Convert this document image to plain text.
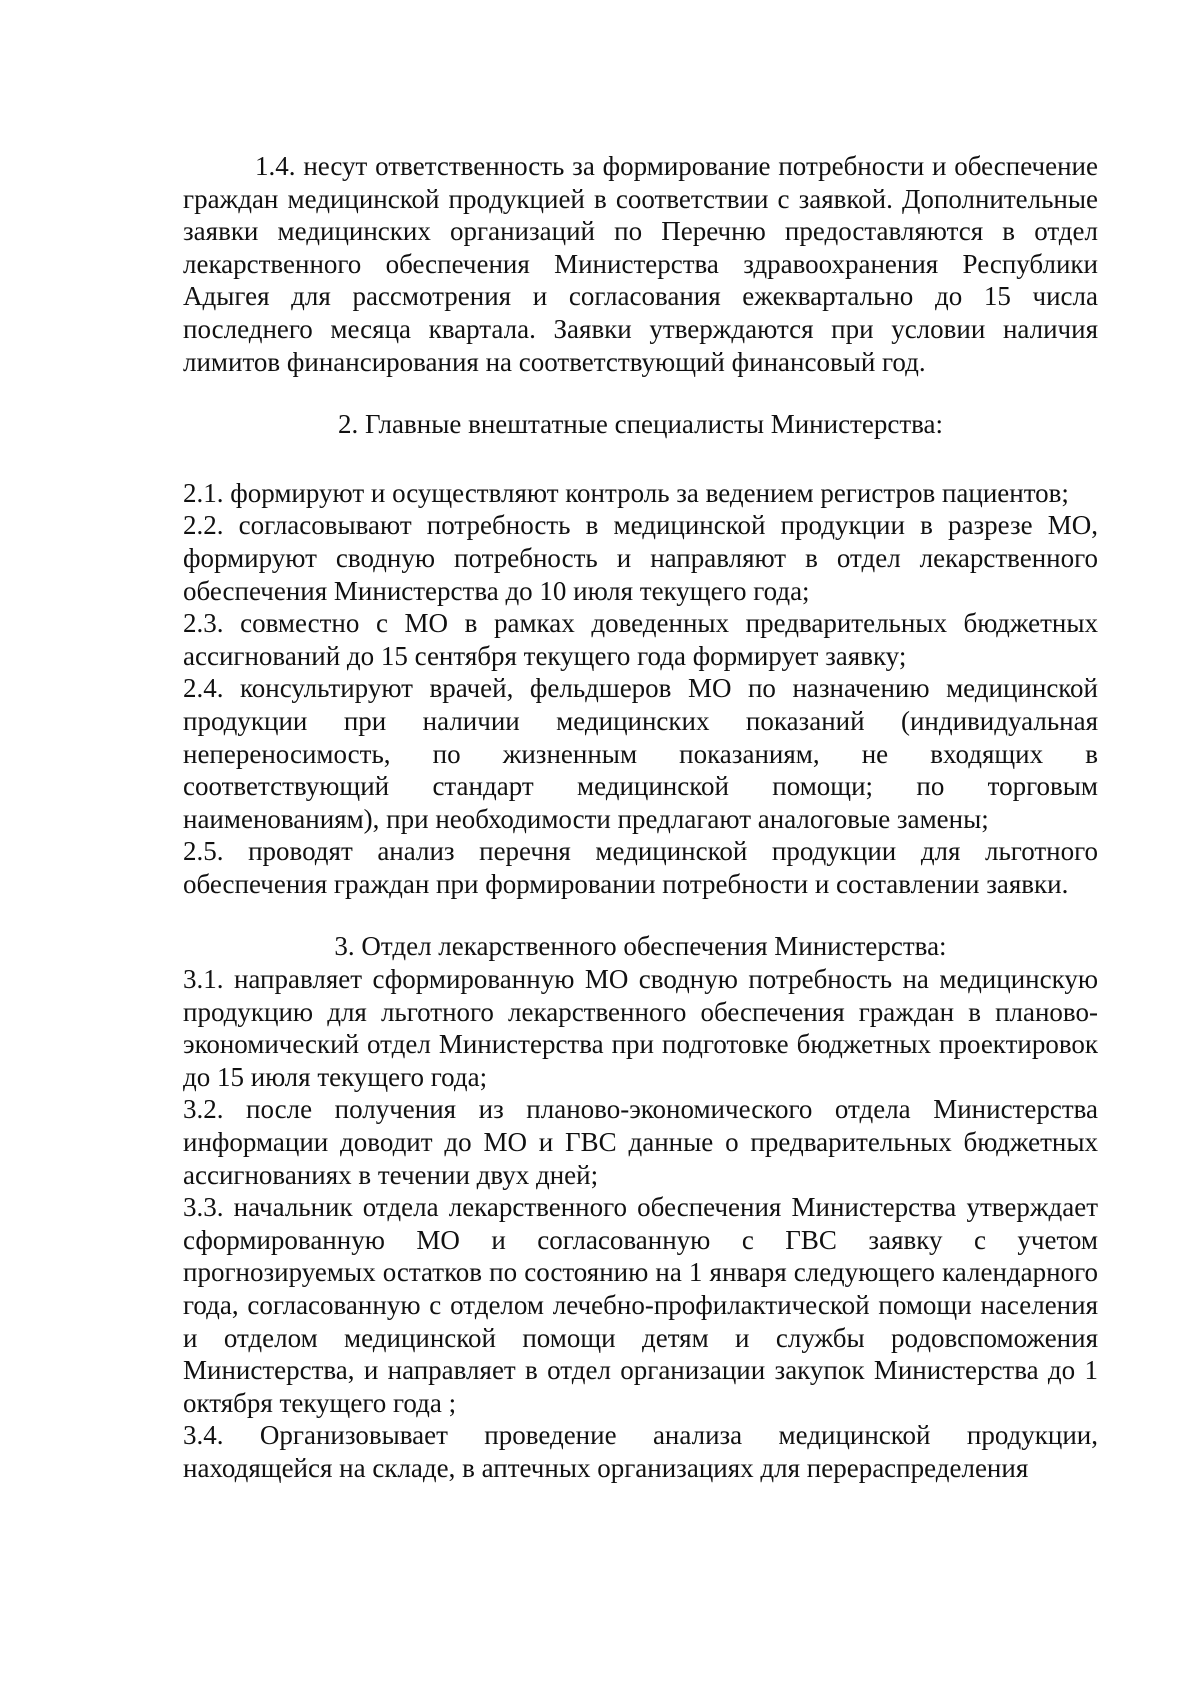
1.4. несут ответственность за формирование потребности и обеспечение граждан медицинской продукцией в соответствии с заявкой. Дополнительные заявки медицинских организаций по Перечню предоставляются в отдел лекарственного обеспечения Министерства здравоохранения Республики Адыгея для рассмотрения и согласования ежеквартально до 15 числа последнего месяца квартала. Заявки утверждаются при условии наличия лимитов финансирования на соответствующий финансовый год.

2. Главные внештатные специалисты Министерства:

2.1. формируют и осуществляют контроль за ведением регистров пациентов;

2.2. согласовывают потребность в медицинской продукции в разрезе МО, формируют сводную потребность и направляют в отдел лекарственного обеспечения Министерства до 10 июля текущего года;

2.3. совместно с МО в рамках доведенных предварительных бюджетных ассигнований до 15 сентября текущего года формирует заявку;

2.4. консультируют врачей, фельдшеров МО по назначению медицинской продукции при наличии медицинских показаний (индивидуальная непереносимость, по жизненным показаниям, не входящих в соответствующий стандарт медицинской помощи; по торговым наименованиям), при необходимости предлагают аналоговые замены;

2.5. проводят анализ перечня медицинской продукции для льготного обеспечения граждан при формировании потребности и составлении заявки.

3. Отдел лекарственного обеспечения Министерства:

3.1. направляет сформированную МО сводную потребность на медицинскую продукцию для льготного лекарственного обеспечения граждан в планово-экономический отдел Министерства при подготовке бюджетных проектировок до 15 июля текущего года;

3.2. после получения из планово-экономического отдела Министерства информации доводит до МО и ГВС данные о предварительных бюджетных ассигнованиях в течении двух дней;

3.3. начальник отдела лекарственного обеспечения Министерства утверждает сформированную МО и согласованную с ГВС заявку с учетом прогнозируемых остатков по состоянию на 1 января следующего календарного года, согласованную с отделом лечебно-профилактической помощи населения и отделом медицинской помощи детям и службы родовспоможения Министерства, и направляет в отдел организации закупок Министерства до 1 октября текущего года ;

3.4. Организовывает проведение анализа медицинской продукции, находящейся на складе, в аптечных организациях для перераспределения
